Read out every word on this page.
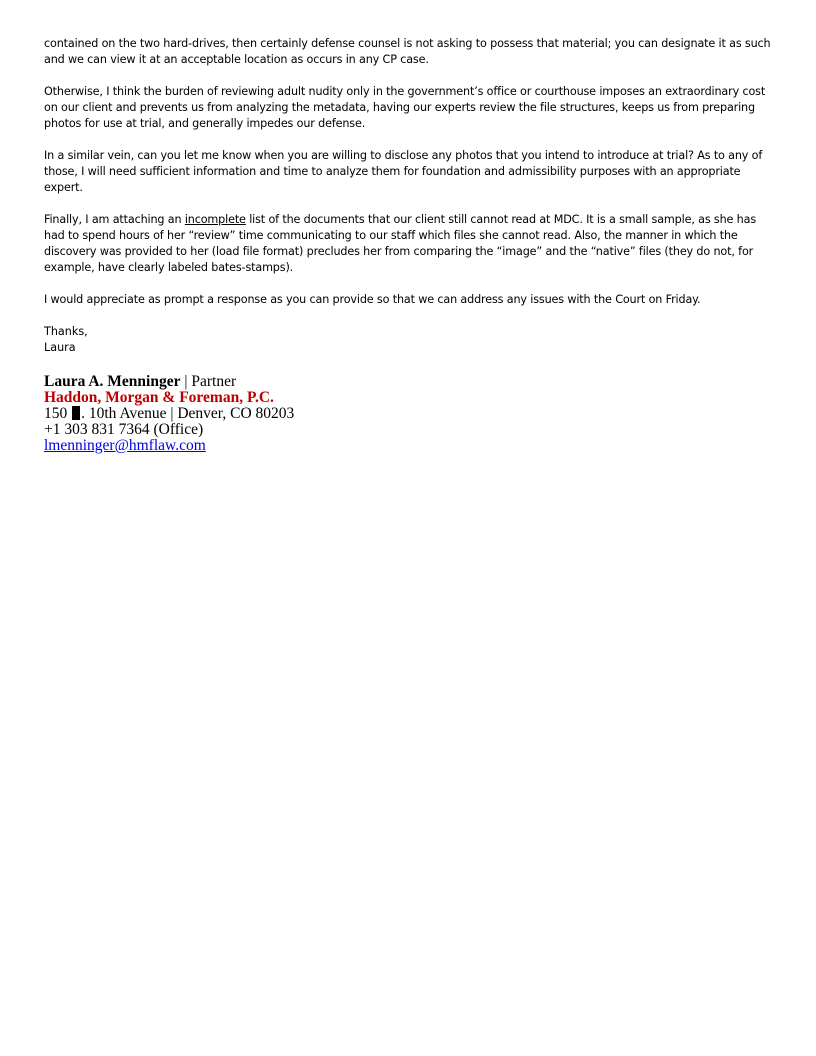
contained on the two hard-drives, then certainly defense counsel is not asking to possess that material; you can designate it as such and we can view it at an acceptable location as occurs in any CP case.

Otherwise, I think the burden of reviewing adult nudity only in the government’s office or courthouse imposes an extraordinary cost on our client and prevents us from analyzing the metadata, having our experts review the file structures, keeps us from preparing photos for use at trial, and generally impedes our defense.

In a similar vein, can you let me know when you are willing to disclose any photos that you intend to introduce at trial? As to any of those, I will need sufficient information and time to analyze them for foundation and admissibility purposes with an appropriate expert.

Finally, I am attaching an incomplete list of the documents that our client still cannot read at MDC. It is a small sample, as she has had to spend hours of her “review” time communicating to our staff which files she cannot read. Also, the manner in which the discovery was provided to her (load file format) precludes her from comparing the “image” and the “native” files (they do not, for example, have clearly labeled bates-stamps).

I would appreciate as prompt a response as you can provide so that we can address any issues with the Court on Friday.

Thanks,
Laura
Laura A. Menninger | Partner
Haddon, Morgan & Foreman, P.C.
150 . 10th Avenue | Denver, CO 80203
+1 303 831 7364 (Office)
lmenninger@hmflaw.com
